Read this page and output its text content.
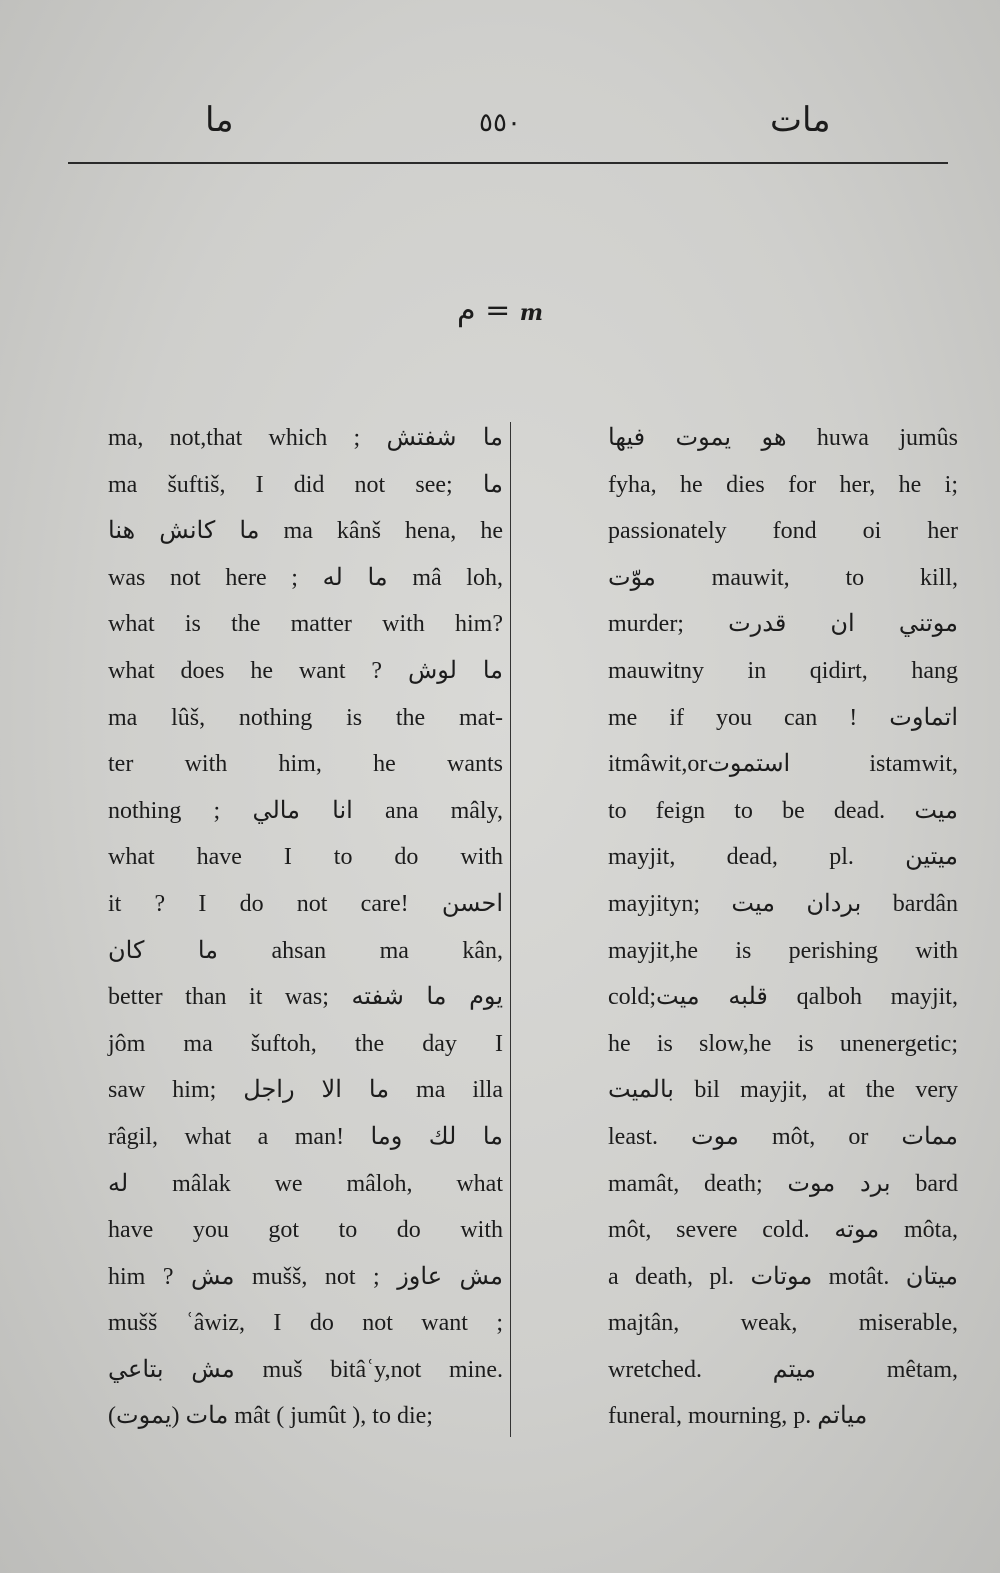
ما	٥٥٠	مات
م = m
ma, not,that which ; ما شفتش
ma šuftiš, I did not see; ما
ما كانش هنا ma kânš hena, he
was not here ; ما له mâ loh,
what is the matter with him?
what does he want ? ما لوش
ma lûš, nothing is the mat-
ter with him, he wants
nothing ; انا مالي ana mâly,
what have I to do with
it ? I do not care! احسن
ما كان ahsan ma kân,
better than it was; يوم ما شفته
jôm ma šuftoh, the day I
saw him; ما الا راجل ma illa
râgil, what a man! ما لك وما
له mâlak we mâloh, what
have you got to do with
him ? مش mušš, not ; مش عاوز
mušš ʿâwiz, I do not want ;
مش بتاعي muš bitâʿy,not mine.
مات (يموت) mât ( jumût ), to die;
هو يموت فيها huwa jumûs
fyha, he dies for her, he i;
passionately fond oi her
موّت mauwit, to kill,
murder; موتني ان قدرت
mauwitny in qidirt, hang
me if you can ! اتماوت
itmâwit,orاستموت istamwit,
to feign to be dead. ميت
mayjit, dead, pl. ميتين
mayjityn; بردان ميت bardân
mayjit,he is perishing with
cold;قلبه ميت qalboh mayjit,
he is slow,he is unenergetic;
بالميت bil mayjit, at the very
least. موت môt, or ممات
mamât, death; برد موت bard
môt, severe cold. موته môta,
a death, pl. موتات motât. ميتان
majtân, weak, miserable,
wretched. ميتم mêtam,
funeral, mourning, p. مياتم
